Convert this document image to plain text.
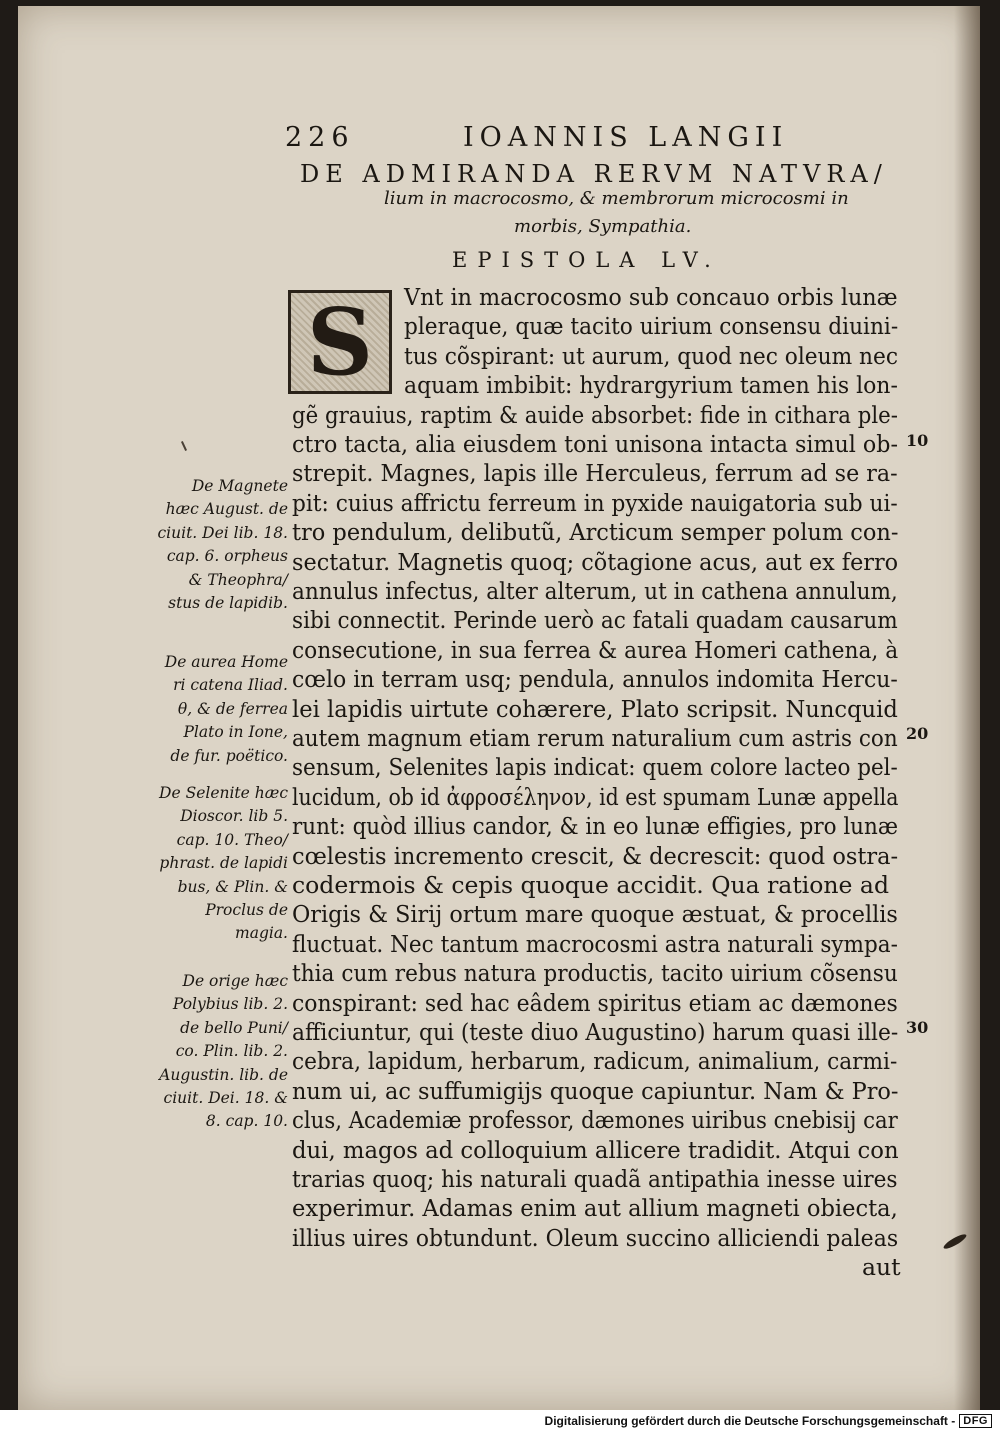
226	IOANNIS LANGII
DE ADMIRANDA RERVM NATVRA/
lium in macrocosmo, & membrorum microcosmi in
morbis, Sympathia.
EPISTOLA LV.
S Vnt in macrocosmo sub concauo orbis lunæ
pleraque, quæ tacito uirium consensu diuini-
tus cõspirant: ut aurum, quod nec oleum nec
aquam imbibit: hydrargyrium tamen his lon-
gẽ grauius, raptim & auide absorbet: fide in cithara ple-
ctro tacta, alia eiusdem toni unisona intacta simul ob-
strepit. Magnes, lapis ille Herculeus, ferrum ad se ra-
pit: cuius affrictu ferreum in pyxide nauigatoria sub ui-
tro pendulum, delibutũ, Arcticum semper polum con-
sectatur. Magnetis quoq; cõtagione acus, aut ex ferro
annulus infectus, alter alterum, ut in cathena annulum,
sibi connectit. Perinde uerò ac fatali quadam causarum
consecutione, in sua ferrea & aurea Homeri cathena, à
cœlo in terram usq; pendula, annulos indomita Hercu-
lei lapidis uirtute cohærere, Plato scripsit. Nuncquid
autem magnum etiam rerum naturalium cum astris con
sensum, Selenites lapis indicat: quem colore lacteo pel-
lucidum, ob id ἀφροσέληνον, id est spumam Lunæ appella
runt: quòd illius candor, & in eo lunæ effigies, pro lunæ
cœlestis incremento crescit, & decrescit: quod ostra-
codermois & cepis quoque accidit. Qua ratione ad
Origis & Sirij ortum mare quoque æstuat, & procellis
fluctuat. Nec tantum macrocosmi astra naturali sympa-
thia cum rebus natura productis, tacito uirium cõsensu
conspirant: sed hac eâdem spiritus etiam ac dæmones
afficiuntur, qui (teste diuo Augustino) harum quasi ille-
cebra, lapidum, herbarum, radicum, animalium, carmi-
num ui, ac suffumigijs quoque capiuntur. Nam & Pro-
clus, Academiæ professor, dæmones uiribus cnebisij car
dui, magos ad colloquium allicere tradidit. Atqui con
trarias quoq; his naturali quadã antipathia inesse uires
experimur. Adamas enim aut allium magneti obiecta,
illius uires obtundunt. Oleum succino alliciendi paleas
aut
10
20
30
De Magnete
hæc August. de
ciuit. Dei lib. 18.
cap. 6. orpheus
& Theophra/
stus de lapidib.
De aurea Home
ri catena Iliad.
θ, & de ferrea
Plato in Ione,
de fur. poëtico.
De Selenite hæc
Dioscor. lib 5.
cap. 10. Theo/
phrast. de lapidi
bus, & Plin. &
Proclus de
magia.
De orige hæc
Polybius lib. 2.
de bello Puni/
co. Plin. lib. 2.
Augustin. lib. de
ciuit. Dei. 18. &
8. cap. 10.
Digitalisierung gefördert durch die Deutsche Forschungsgemeinschaft - DFG
